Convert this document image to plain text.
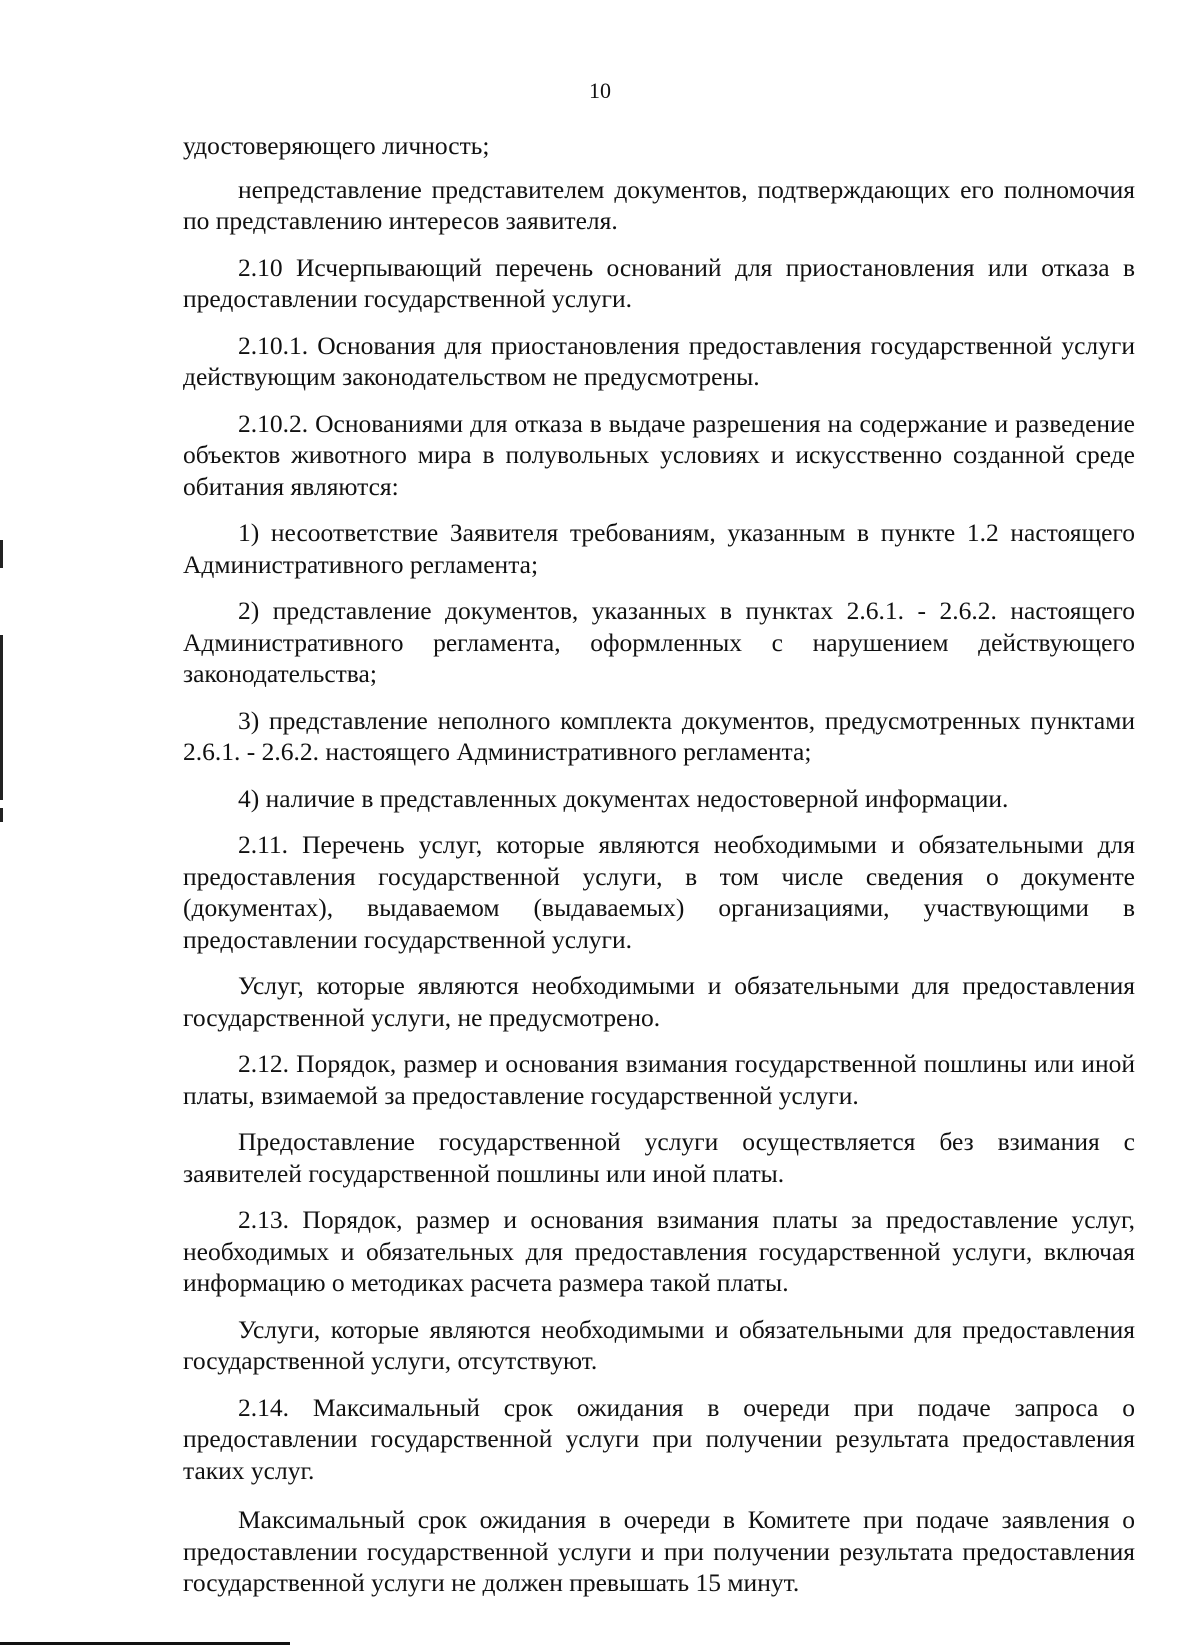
10

удостоверяющего личность;

непредставление представителем документов, подтверждающих его полномочия по представлению интересов заявителя.

2.10 Исчерпывающий перечень оснований для приостановления или отказа в предоставлении государственной услуги.

2.10.1. Основания для приостановления предоставления государственной услуги действующим законодательством не предусмотрены.

2.10.2. Основаниями для отказа в выдаче разрешения на содержание и разведение объектов животного мира в полувольных условиях и искусственно созданной среде обитания являются:

1) несоответствие Заявителя требованиям, указанным в пункте 1.2 настоящего Административного регламента;

2) представление документов, указанных в пунктах 2.6.1. - 2.6.2. настоящего Административного регламента, оформленных с нарушением действующего законодательства;

3) представление неполного комплекта документов, предусмотренных пунктами 2.6.1. - 2.6.2. настоящего Административного регламента;

4) наличие в представленных документах недостоверной информации.

2.11. Перечень услуг, которые являются необходимыми и обязательными для предоставления государственной услуги, в том числе сведения о документе (документах), выдаваемом (выдаваемых) организациями, участвующими в предоставлении государственной услуги.

Услуг, которые являются необходимыми и обязательными для предоставления государственной услуги, не предусмотрено.

2.12. Порядок, размер и основания взимания государственной пошлины или иной платы, взимаемой за предоставление государственной услуги.

Предоставление государственной услуги осуществляется без взимания с заявителей государственной пошлины или иной платы.

2.13. Порядок, размер и основания взимания платы за предоставление услуг, необходимых и обязательных для предоставления государственной услуги, включая информацию о методиках расчета размера такой платы.

Услуги, которые являются необходимыми и обязательными для предоставления государственной услуги, отсутствуют.

2.14. Максимальный срок ожидания в очереди при подаче запроса о предоставлении государственной услуги при получении результата предоставления таких услуг.

Максимальный срок ожидания в очереди в Комитете при подаче заявления о предоставлении государственной услуги и при получении результата предоставления государственной услуги не должен превышать 15 минут.
